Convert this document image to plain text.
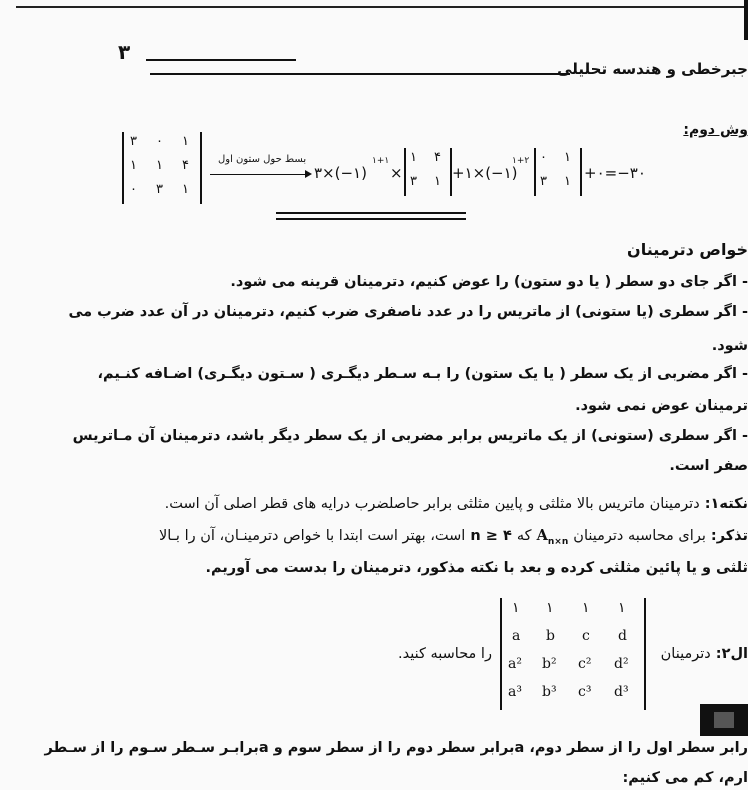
۳
جبرخطی و هندسه تحلیلی
وش دوم:
۳ ۰ ۱
۱ ۱ ۴
۰ ۳ ۱
بسط حول ستون اول
۳×(−۱)
۱+۱
×
۱ ۴
۳ ۱ +۱×(−۱)
۱+۲ ۰ ۱
۳ ۱ +۰=−۳۰
خواص دترمینان
- اگر جای دو سطر ( یا دو ستون) را عوض کنیم، دترمینان قرینه می شود.
- اگر سطری (یا ستونی) از ماتریس را در عدد ناصفری ضرب کنیم، دترمینان در آن عدد ضرب می
شود.
- اگر مضربی از یک سطر ( یا یک ستون) را بـه سـطر دیگـری ( سـتون دیگـری) اضـافه کنـیم،
ترمینان عوض نمی شود.
- اگر سطری (ستونی) از یک ماتریس برابر مضربی از یک سطر دیگر باشد، دترمینان آن مـاتریس
صفر است.
نکته۱: دترمینان ماتریس بالا مثلثی و پایین مثلثی برابر حاصلضرب درایه های قطر اصلی آن است.
تذکر: برای محاسبه دترمینان $A_{n\times n}$ که n ≥ ۴ است، بهتر است ابتدا با خواص دترمینـان، آن را بـالا
ثلثی و یا پائین مثلثی کرده و بعد با نکته مذکور، دترمینان را بدست می آوریم.
ال۲: دترمینان
۱ ۱ ۱ ۱
a b c d
a² b² c² d²
a³ b³ c³ d³
را محاسبه کنید.
رابر سطر اول را از سطر دوم، aبرابر سطر دوم را از سطر سوم و aبرابـر سـطر سـوم را از سـطر
ارم، کم می کنیم:
